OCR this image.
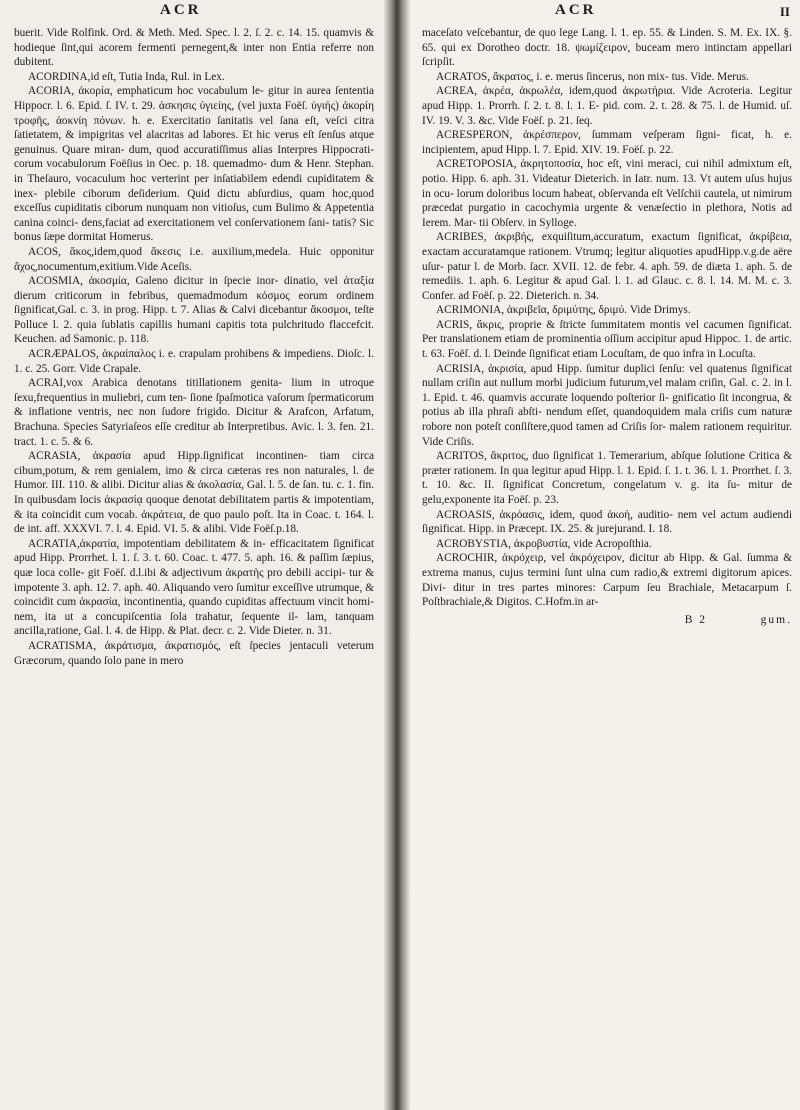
ACR

buerit. Vide Rolfink. Ord. & Meth. Med. Spec. l. 2. ſ. 2. c. 14. 15. quamvis & hodieque ſint,qui acorem fermenti pernegent,& inter non Entia referre non dubitent.

ACORDINA,id eſt, Tutia Inda, Rul. in Lex.

ACORIA, ἀκορία, emphaticum hoc vocabulum le- gitur in aurea ſententia Hippocr. l. 6. Epid. ſ. IV. t. 29. ἀσκησις ὑγιείης, (vel juxta Foëſ. ὑγιής) ἀκορίη τροφῆς, ἀοκνίη πόνων. h. e. Exercitatio ſanitatis vel ſana eſt, veſci citra ſatietatem, & impigritas vel alacritas ad labores. Et hic verus eſt ſenſus atque genuinus. Quare miran- dum, quod accuratiſſimus alias Interpres Hippocrati- corum vocabulorum Foëſius in Oec. p. 18. quemadmo- dum & Henr. Stephan. in Theſauro, vocaculum hoc verterint per inſatiabilem edendi cupiditatem & inex- plebile ciborum deſiderium. Quid dictu abſurdius, quam hoc,quod exceſſus cupiditatis ciborum nunquam non vitioſus, cum Bulimo & Appetentia canina coinci- dens,faciat ad exercitationem vel conſervationem ſani- tatis? Sic bonus ſæpe dormitat Homerus.

ACOS, ἄκος,idem,quod ἄκεσις i.e. auxilium,medela. Huic opponitur ἄχος,nocumentum,exitium.Vide Aceſis.

ACOSMIA, ἀκοσμία, Galeno dicitur in ſpecie inor- dinatio, vel ἀταξία dierum criticorum in febribus, quemadmodum κόσμος eorum ordinem ſignificat,Gal. c. 3. in prog. Hipp. t. 7. Alias & Calvi dicebantur ἄκοσμοι, teſte Polluce l. 2. quia ſublatis capillis humani capitis tota pulchritudo flaccefcit. Keuchen. ad Samonic. p. 118.

ACRÆPALOS, ἀκραίπαλος i. e. crapulam prohibens & impediens. Dioſc. l. 1. c. 25. Gorr. Vide Crapale.

ACRAI,vox Arabica denotans titillationem genita- lium in utroque ſexu,frequentius in muliebri, cum ten- ſione ſpaſmotica vaſorum ſpermaticorum & inflatione ventris, nec non ſudore frigido. Dicitur & Arafcon, Arfatum, Brachuna. Species Satyriaſeos eſſe creditur ab Interpretibus. Avic. l. 3. fen. 21. tract. 1. c. 5. & 6.

ACRASIA, ἀκρασία apud Hipp.ſignificat incontinen- tiam circa cibum,potum, & rem genialem, imo & circa cæteras res non naturales, l. de Humor. III. 110. & alibi. Dicitur alias & ἀκολασία, Gal. l. 5. de ſan. tu. c. 1. fin. In quibusdam locis ἀκρασίᾳ quoque denotat debilitatem partis & impotentiam, & ita coincidit cum vocab. ἀκράτεια, de quo paulo poſt. Ita in Coac. t. 164. l. de int. aff. XXXVI. 7. l. 4. Epid. VI. 5. & alibi. Vide Foëſ.p.18.

ACRATIA,ἀκρατία, impotentiam debilitatem & in- efficacitatem ſignificat apud Hipp. Prorrhet. l. 1. ſ. 3. t. 60. Coac. t. 477. 5. aph. 16. & paſſim ſæpius, quæ loca colle- git Foëſ. d.l.ibi & adjectivum ἀκρατὴς pro debili accipi- tur & impotente 3. aph. 12. 7. aph. 40. Aliquando vero ſumitur exceſſive utrumque, & coincidit cum ἀκρασία, incontinentia, quando cupiditas affectuum vincit homi- nem, ita ut a concupiſcentia ſola trahatur, ſequente il- lam, tanquam ancilla,ratione, Gal. l. 4. de Hipp. & Plat. decr. c. 2. Vide Dieter. n. 31.

ACRATISMA, ἀκράτισμα, ἀκρατισμός, eſt ſpecies jentaculi veterum Græcorum, quando ſolo pane in mero

ACR	II

maceſato veſcebantur, de quo lege Lang. l. 1. ep. 55. & Linden. S. M. Ex. IX. §. 65. qui ex Dorotheo doctr. 18. ψωμίζειρον, buceam mero intinctam appellari ſcripſit.

ACRATOS, ἄκρατος, i. e. merus ſincerus, non mix- tus. Vide. Merus.

ACREA, ἀκρέα, ἀκρωλέα, idem,quod ἀκρωτήρια. Vide Acroteria. Legitur apud Hipp. 1. Prorrh. ſ. 2. t. 8. l. 1. E- pid. com. 2. t. 28. & 75. l. de Humid. uſ. IV. 19. V. 3. &c. Vide Foëſ. p. 21. ſeq.

ACRESPERON, ἀκρέσπερον, ſummam veſperam ſigni- ficat, h. e. incipientem, apud Hipp. l. 7. Epid. XIV. 19. Foëſ. p. 22.

ACRETOPOSIA, ἀκρητοποσία, hoc eſt, vini meraci, cui nihil admixtum eſt, potio. Hipp. 6. aph. 31. Videatur Dieterich. in Iatr. num. 13. Vt autem uſus hujus in ocu- lorum doloribus locum habeat, obſervanda eſt Velſchii cautela, ut nimirum præcedat purgatio in cacochymia urgente & venæſectio in plethora, Notis ad Ierem. Mar- tii Obſerv. in Sylloge.

ACRIBES, ἀκριβής, exquiſitum,accuratum, exactum ſignificat, ἀκρίβεια, exactam accuratamque rationem. Vtrumq; legitur aliquoties apudHipp.v.g.de aëre uſur- patur l. de Morb. ſacr. XVII. 12. de febr. 4. aph. 59. de diæta 1. aph. 5. de remediis. 1. aph. 6. Legitur & apud Gal. l. 1. ad Glauc. c. 8. l. 14. M. M. c. 3. Confer. ad Foëſ. p. 22. Dieterich. n. 34.

ACRIMONIA, ἀκριβεῖα, δριμύτης, δριμύ. Vide Drimys.

ACRIS, ἄκρις, proprie & ſtricte ſummitatem montis vel cacumen ſignificat. Per translationem etiam de prominentia oſſium accipitur apud Hippoc. 1. de artic. t. 63. Foëſ. d. l. Deinde ſignificat etiam Locuſtam, de quo infra in Locuſta.

ACRISIA, ἀκρισία, apud Hipp. ſumitur duplici ſenſu: vel quatenus ſignificat nullam criſin aut nullum morbi judicium futurum,vel malam criſin, Gal. c. 2. in l. 1. Epid. t. 46. quamvis accurate loquendo poſterior ſi- gnificatio ſit incongrua, & potius ab illa phraſi abſti- nendum eſſet, quandoquidem mala criſis cum naturæ robore non poteſt conſiſtere,quod tamen ad Criſis ſor- malem rationem requiritur. Vide Criſis.

ACRITOS, ἄκριτος, duo ſignificat 1. Temerarium, abſque ſolutione Critica & præter rationem. In qua legitur apud Hipp. l. 1. Epid. ſ. 1. t. 36. l. 1. Prorrhet. ſ. 3. t. 10. &c. II. ſignificat Concretum, congelatum v. g. ita ſu- mitur de gelu,exponente ita Foëſ. p. 23.

ACROASIS, ἀκρόασις, idem, quod ἀκοὴ, auditio- nem vel actum audiendi ſignificat. Hipp. in Præcept. IX. 25. & jurejurand. I. 18.

ACROBYSTIA, ἀκροβυστία, vide Acropoſthia.

ACROCHIR, ἀκρόχειρ, vel ἀκρόχειρον, dicitur ab Hipp. & Gal. ſumma & extrema manus, cujus termini ſunt ulna cum radio,& extremi digitorum apices. Divi- ditur in tres partes minores: Carpum ſeu Brachiale, Metacarpum ſ. Poſtbrachiale,& Digitos. C.Hofm.in ar-

B 2	gum.
